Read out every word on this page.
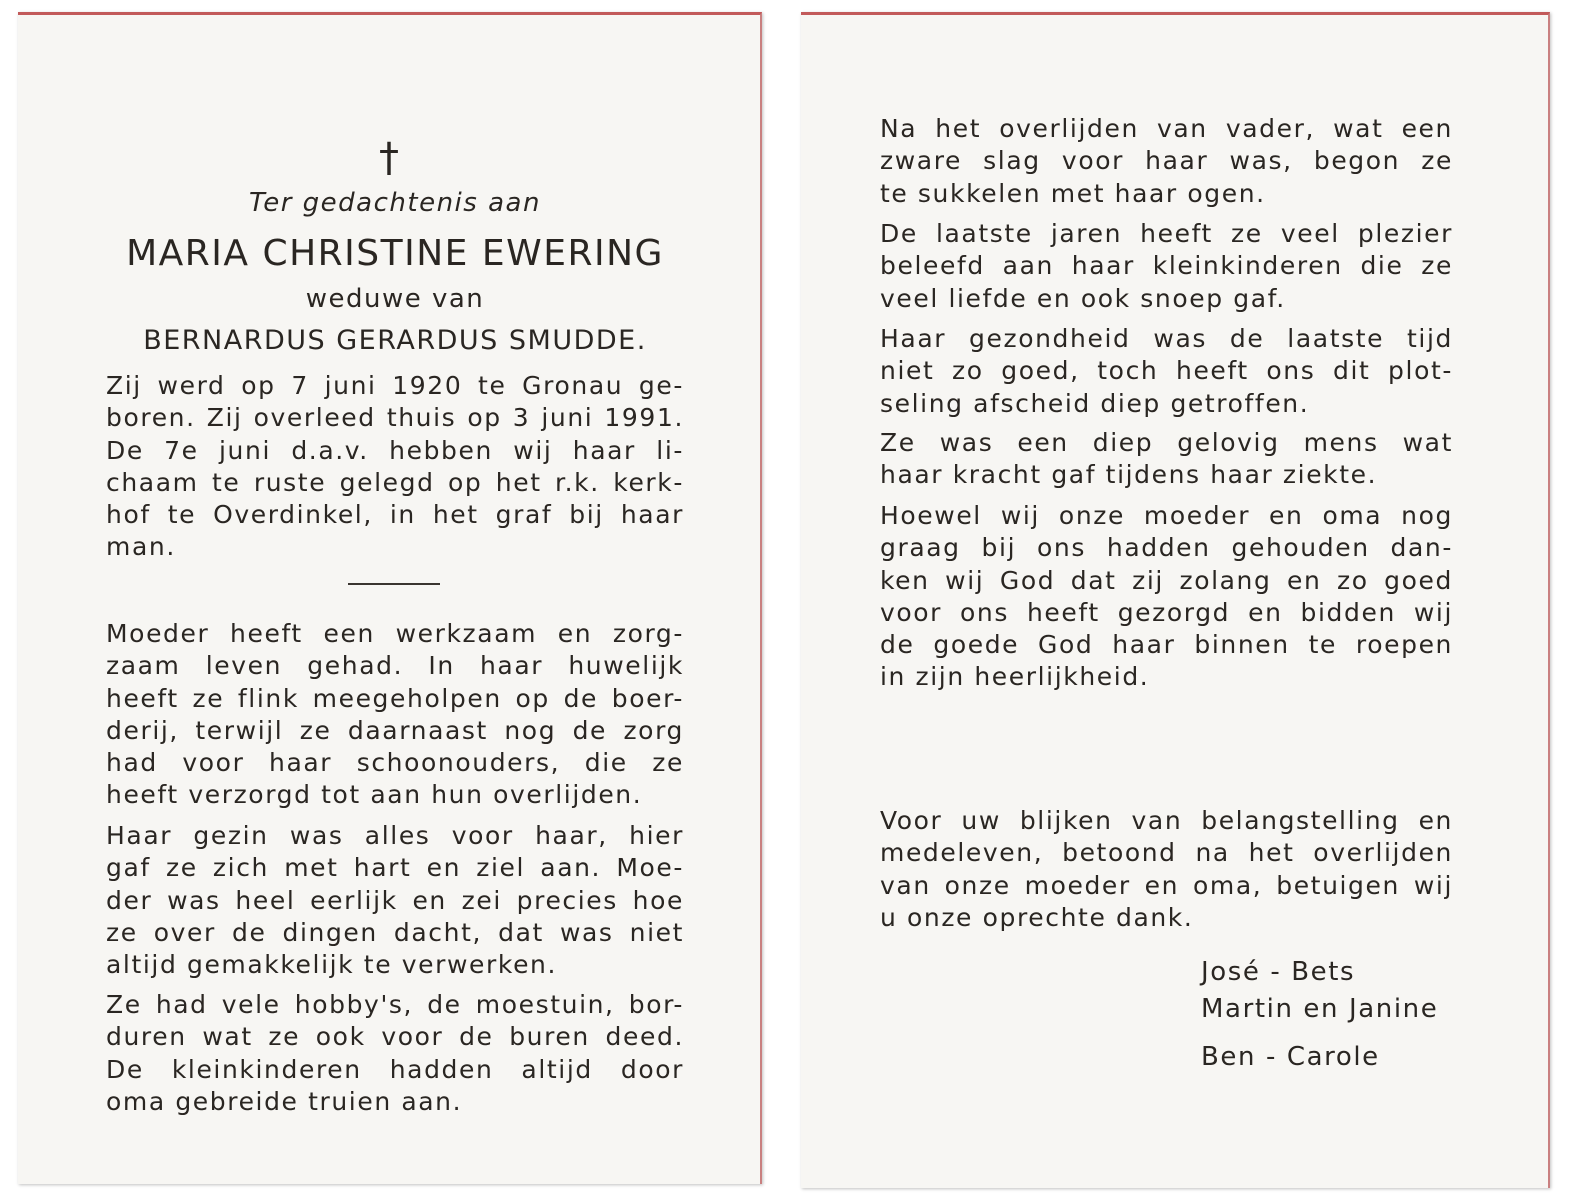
†
Ter gedachtenis aan
MARIA CHRISTINE EWERING
weduwe van
BERNARDUS GERARDUS SMUDDE.
Zij werd op 7 juni 1920 te Gronau ge-
boren. Zij overleed thuis op 3 juni 1991.
De 7e juni d.a.v. hebben wij haar li-
chaam te ruste gelegd op het r.k. kerk-
hof te Overdinkel, in het graf bij haar
man.
Moeder heeft een werkzaam en zorg-
zaam leven gehad. In haar huwelijk
heeft ze flink meegeholpen op de boer-
derij, terwijl ze daarnaast nog de zorg
had voor haar schoonouders, die ze
heeft verzorgd tot aan hun overlijden.
Haar gezin was alles voor haar, hier
gaf ze zich met hart en ziel aan. Moe-
der was heel eerlijk en zei precies hoe
ze over de dingen dacht, dat was niet
altijd gemakkelijk te verwerken.
Ze had vele hobby's, de moestuin, bor-
duren wat ze ook voor de buren deed.
De kleinkinderen hadden altijd door
oma gebreide truien aan.
Na het overlijden van vader, wat een
zware slag voor haar was, begon ze
te sukkelen met haar ogen.
De laatste jaren heeft ze veel plezier
beleefd aan haar kleinkinderen die ze
veel liefde en ook snoep gaf.
Haar gezondheid was de laatste tijd
niet zo goed, toch heeft ons dit plot-
seling afscheid diep getroffen.
Ze was een diep gelovig mens wat
haar kracht gaf tijdens haar ziekte.
Hoewel wij onze moeder en oma nog
graag bij ons hadden gehouden dan-
ken wij God dat zij zolang en zo goed
voor ons heeft gezorgd en bidden wij
de goede God haar binnen te roepen
in zijn heerlijkheid.
Voor uw blijken van belangstelling en
medeleven, betoond na het overlijden
van onze moeder en oma, betuigen wij
u onze oprechte dank.
José - Bets
Martin en Janine
Ben - Carole
